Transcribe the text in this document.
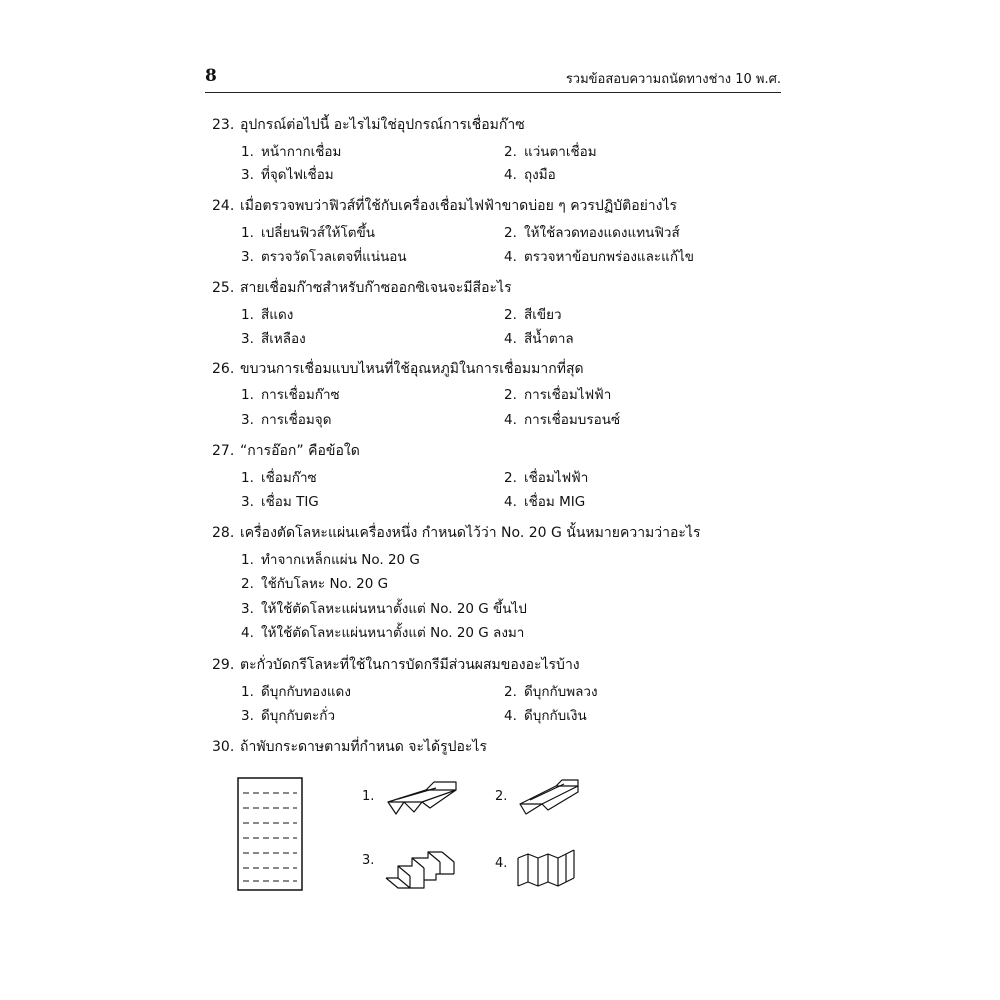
8	รวมข้อสอบความถนัดทางช่าง 10 พ.ศ.
23. อุปกรณ์ต่อไปนี้ อะไรไม่ใช่อุปกรณ์การเชื่อมก๊าซ
1. หน้ากากเชื่อม	2. แว่นตาเชื่อม
3. ที่จุดไฟเชื่อม	4. ถุงมือ
24. เมื่อตรวจพบว่าฟิวส์ที่ใช้กับเครื่องเชื่อมไฟฟ้าขาดบ่อย ๆ ควรปฏิบัติอย่างไร
1. เปลี่ยนฟิวส์ให้โตขึ้น	2. ให้ใช้ลวดทองแดงแทนฟิวส์
3. ตรวจวัดโวลเตจที่แน่นอน	4. ตรวจหาข้อบกพร่องและแก้ไข
25. สายเชื่อมก๊าซสำหรับก๊าซออกซิเจนจะมีสีอะไร
1. สีแดง	2. สีเขียว
3. สีเหลือง	4. สีน้ำตาล
26. ขบวนการเชื่อมแบบไหนที่ใช้อุณหภูมิในการเชื่อมมากที่สุด
1. การเชื่อมก๊าซ	2. การเชื่อมไฟฟ้า
3. การเชื่อมจุด	4. การเชื่อมบรอนซ์
27. “การอ๊อก” คือข้อใด
1. เชื่อมก๊าซ	2. เชื่อมไฟฟ้า
3. เชื่อม TIG	4. เชื่อม MIG
28. เครื่องตัดโลหะแผ่นเครื่องหนึ่ง กำหนดไว้ว่า No. 20 G นั้นหมายความว่าอะไร
1. ทำจากเหล็กแผ่น No. 20 G
2. ใช้กับโลหะ No. 20 G
3. ให้ใช้ตัดโลหะแผ่นหนาตั้งแต่ No. 20 G ขึ้นไป
4. ให้ใช้ตัดโลหะแผ่นหนาตั้งแต่ No. 20 G ลงมา
29. ตะกั่วบัดกรีโลหะที่ใช้ในการบัดกรีมีส่วนผสมของอะไรบ้าง
1. ดีบุกกับทองแดง	2. ดีบุกกับพลวง
3. ดีบุกกับตะกั่ว	4. ดีบุกกับเงิน
30. ถ้าพับกระดาษตามที่กำหนด จะได้รูปอะไร
1.	2.
3.	4.
